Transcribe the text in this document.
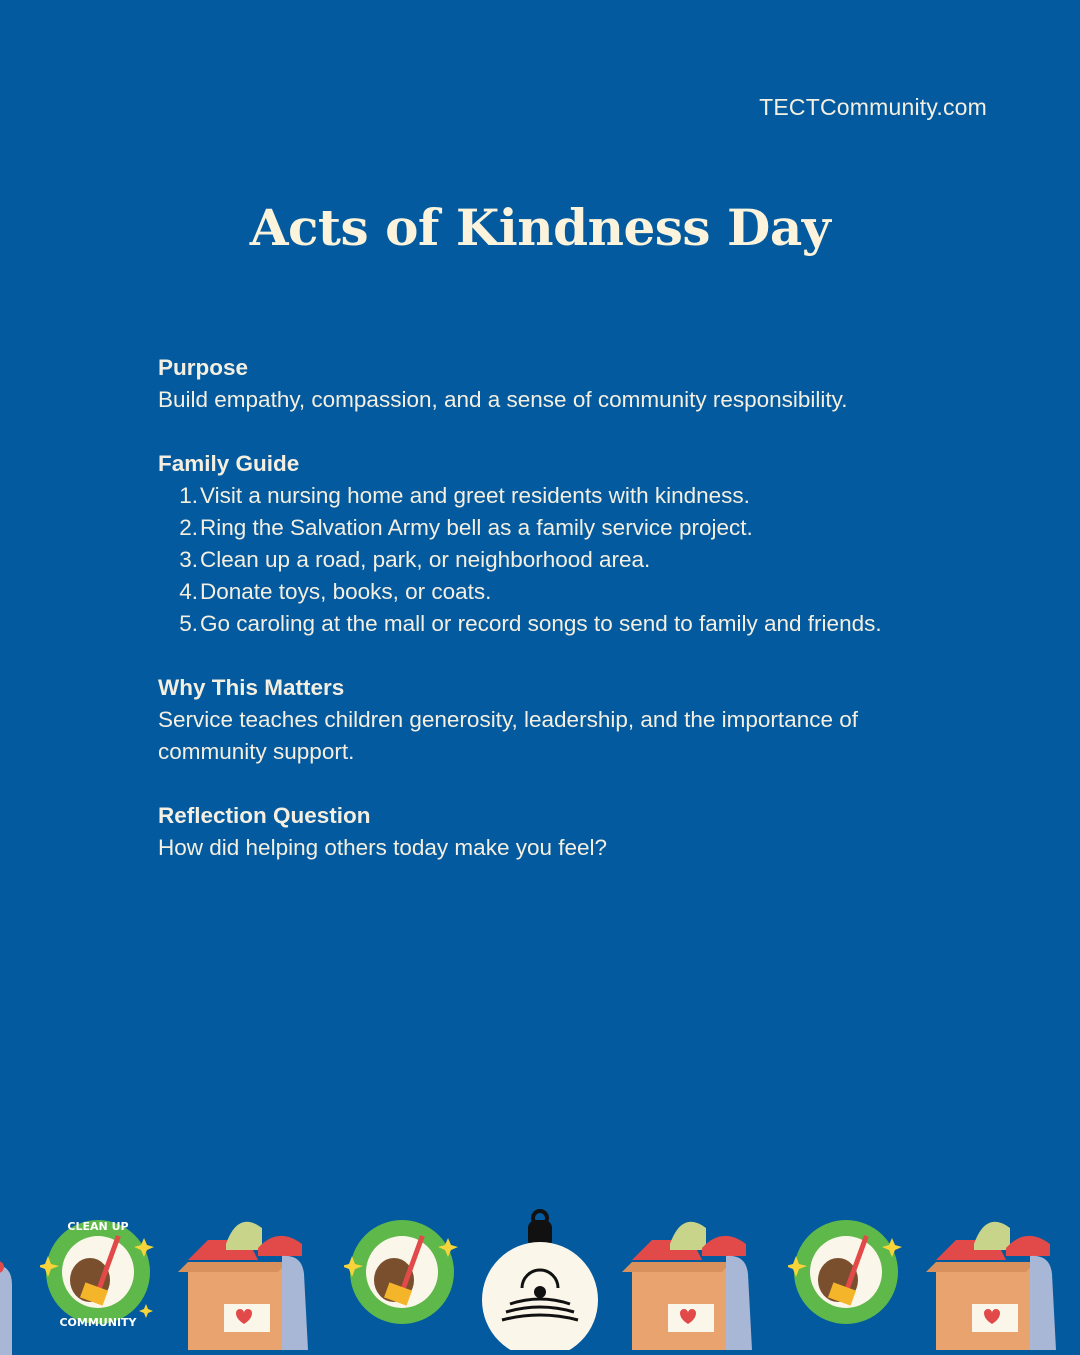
TECTCommunity.com
Acts of Kindness Day
Purpose
Build empathy, compassion, and a sense of community responsibility.
Family Guide
1. Visit a nursing home and greet residents with kindness.
2. Ring the Salvation Army bell as a family service project.
3. Clean up a road, park, or neighborhood area.
4. Donate toys, books, or coats.
5. Go caroling at the mall or record songs to send to family and friends.
Why This Matters
Service teaches children generosity, leadership, and the importance of community support.
Reflection Question
How did helping others today make you feel?
CLEAN UP
COMMUNITY
